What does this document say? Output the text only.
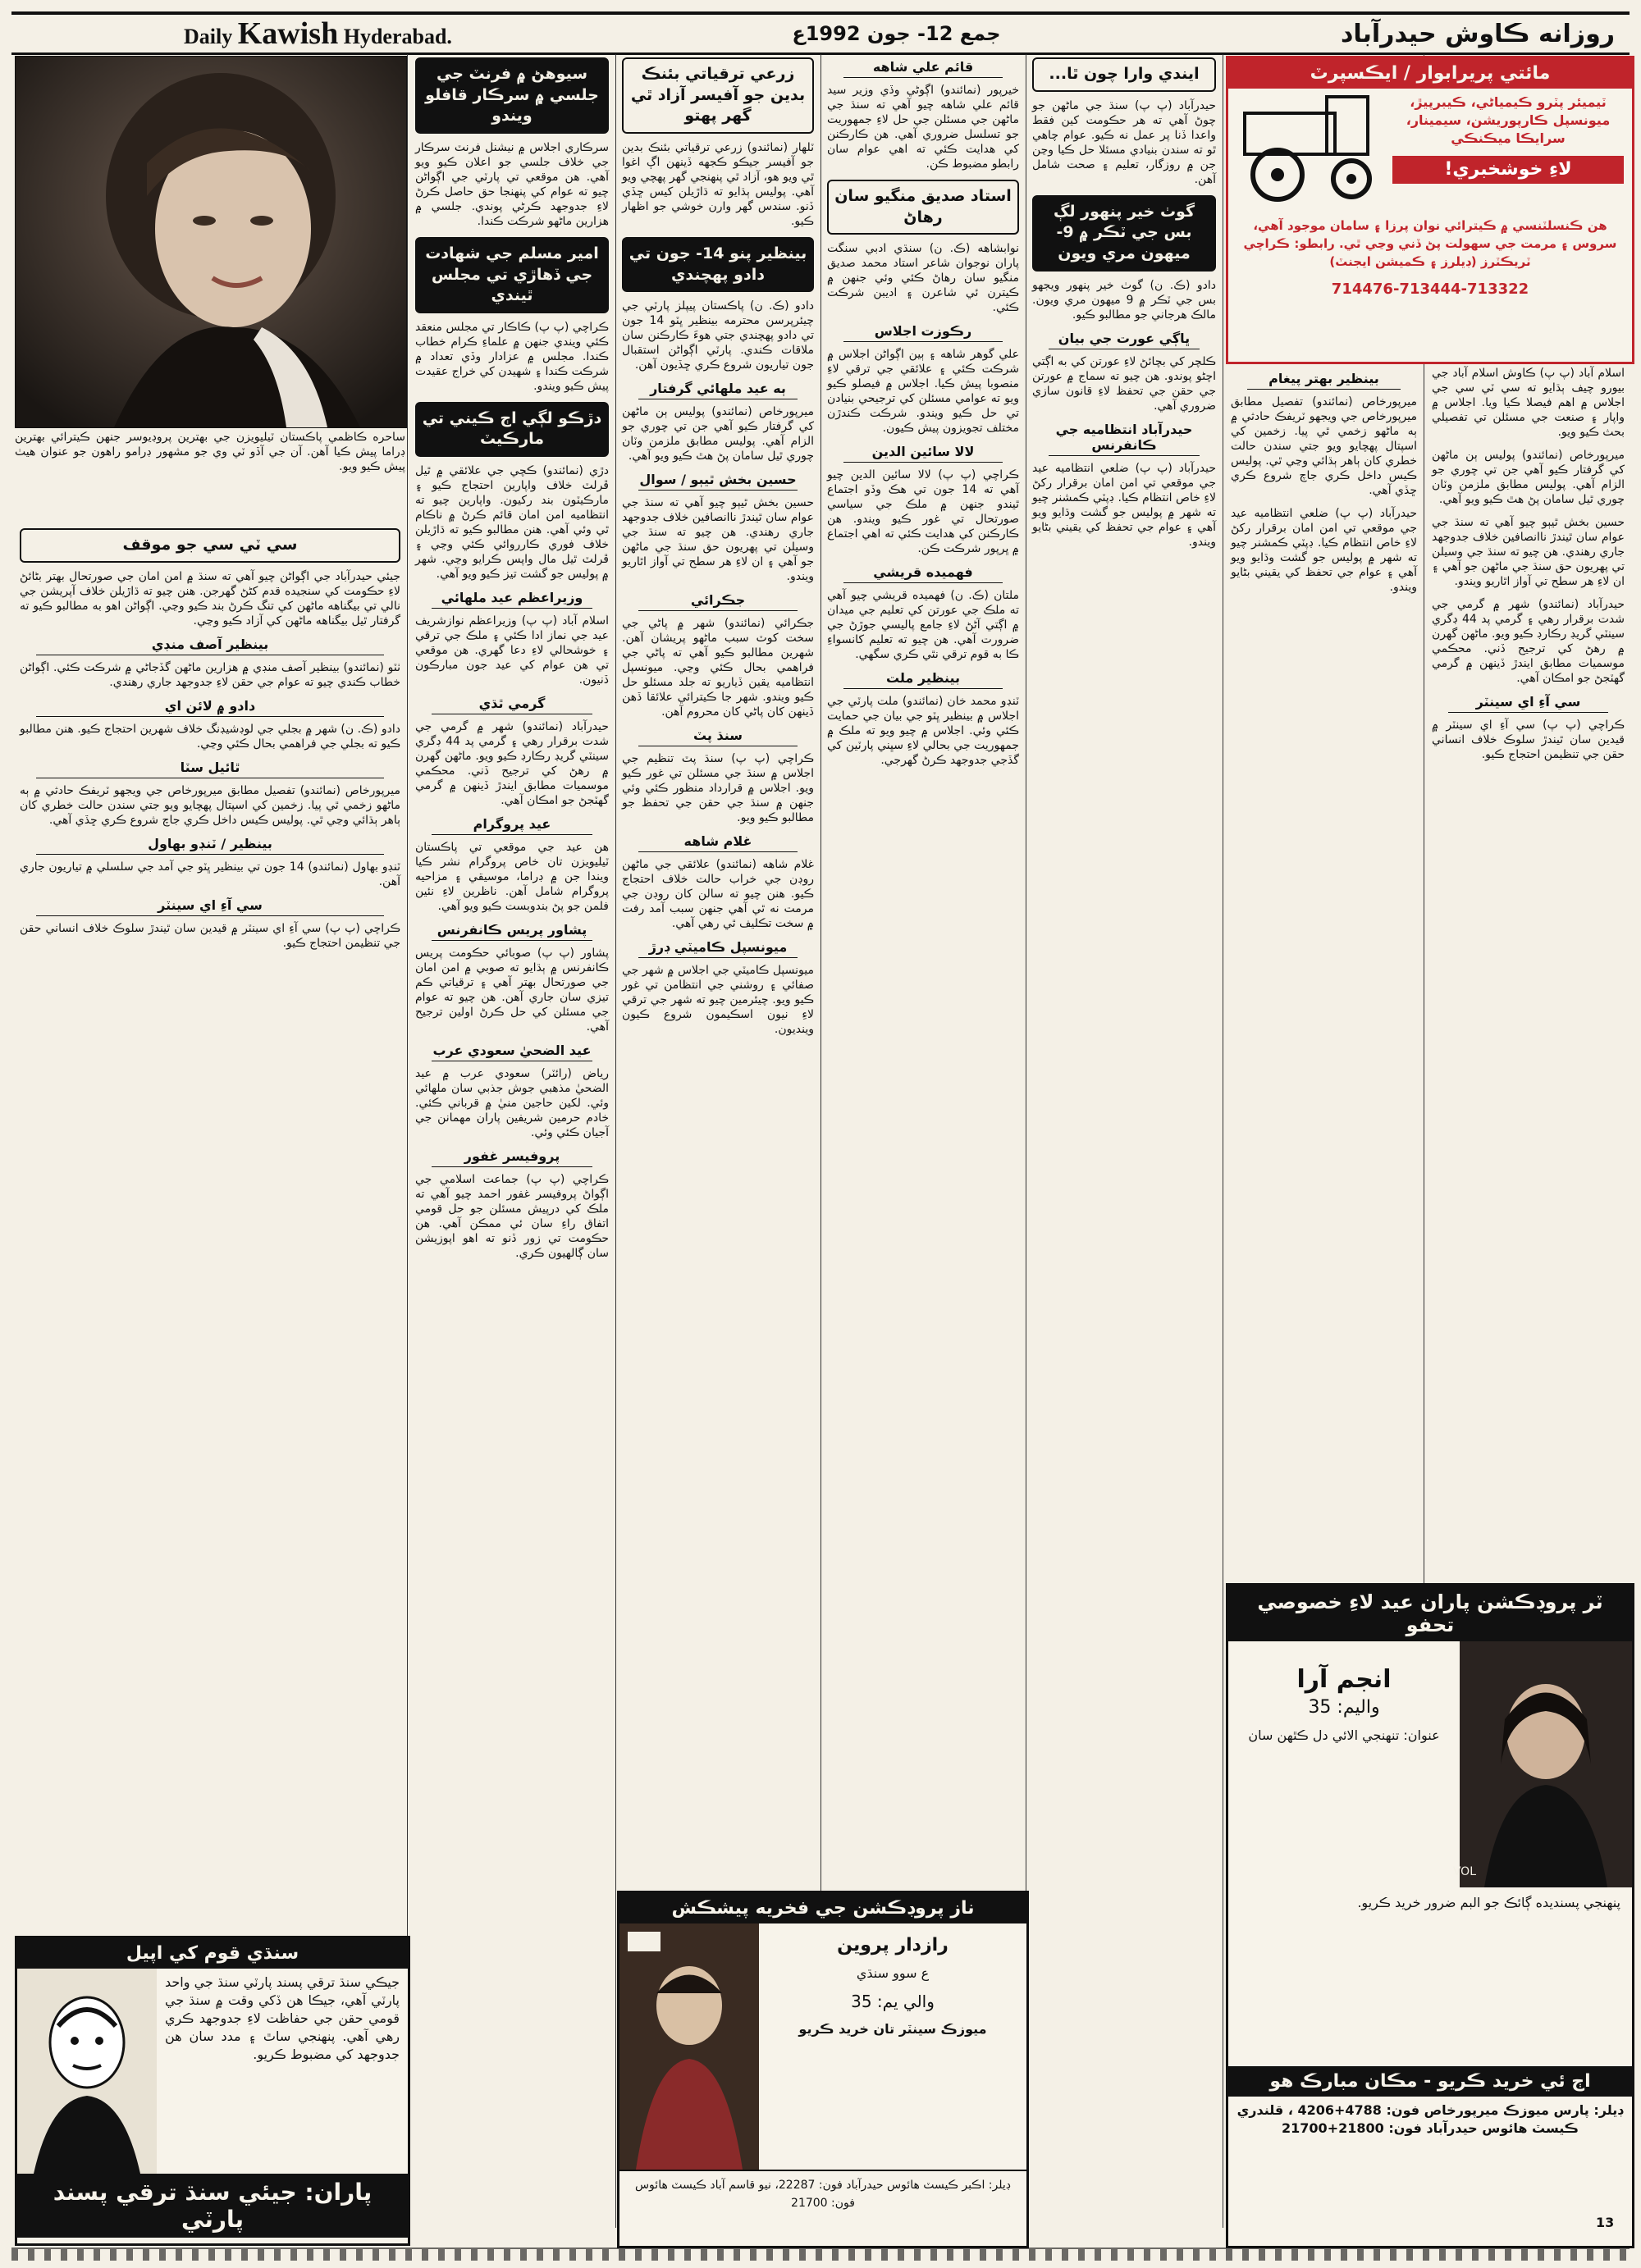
Daily Kawish Hyderabad.	جمع 12- جون 1992ع	روزانه ڪاوش حيدرآباد
ساحره ڪاظمي پاڪستان ٽيليويزن جي بهترين پروڊيوسر جنهن ڪيترائي بهترين ڊراما پيش ڪيا آهن. آن جي آڏو ٽي وي جو مشهور ڊرامو راهون جو عنوان هيٺ پيش ڪيو ويو.
سي ٽي سي جو موقف

جيئي حيدرآباد جي اڳواڻن چيو آهي ته سنڌ ۾ امن امان جي صورتحال بهتر بڻائڻ لاءِ حڪومت کي سنجيده قدم کڻڻ گهرجن. هنن چيو ته ڌاڙيلن خلاف آپريشن جي نالي تي بيگناهه ماڻهن کي تنگ ڪرڻ بند ڪيو وڃي. اڳواڻن اهو به مطالبو ڪيو ته گرفتار ٿيل بيگناهه ماڻهن کي آزاد ڪيو وڃي.

بينظير آصف منڊي

ٺٽو (نمائندو) بينظير آصف منڊي ۾ هزارين ماڻهن گڏجاڻي ۾ شرڪت ڪئي. اڳواڻن خطاب ڪندي چيو ته عوام جي حقن لاءِ جدوجهد جاري رهندي.

دادو ۾ لائن اي

دادو (ڪ. ن) شهر ۾ بجلي جي لوڊشيڊنگ خلاف شهرين احتجاج ڪيو. هنن مطالبو ڪيو ته بجلي جي فراهمي بحال ڪئي وڃي.

ٿائيل سٽا

ميرپورخاص (نمائندو) تفصيل مطابق ميرپورخاص جي ويجهو ٽريفڪ حادثي ۾ ٻه ماڻهو زخمي ٿي پيا. زخمين کي اسپتال پهچايو ويو جتي سندن حالت خطري کان ٻاهر ٻڌائي وڃي ٿي. پوليس ڪيس داخل ڪري جاچ شروع ڪري ڇڏي آهي.

بينظير / ٽنڊو بهاول

ٽنڊو بهاول (نمائندو) 14 جون تي بينظير ڀٽو جي آمد جي سلسلي ۾ تياريون جاري آهن.

سي آءِ اي سينٽر

ڪراچي (پ پ) سي آءِ اي سينٽر ۾ قيدين سان ٿيندڙ سلوڪ خلاف انساني حقن جي تنظيمن احتجاج ڪيو.

سنڌي قوم کي اپيل
جيڪي سنڌ ترقي پسند پارٽي سنڌ جي واحد پارٽي آهي، جيڪا هن ڏکي وقت ۾ سنڌ جي قومي حقن جي حفاظت لاءِ جدوجهد ڪري رهي آهي. پنهنجي ساٿ ۽ مدد سان هن جدوجهد کي مضبوط ڪريو.
پاران: جيئي سنڌ ترقي پسند پارٽي
سيوهڻ ۾ فرنٽ جي جلسي ۾ سرڪار قافلو ويندو

سرڪاري اجلاس ۾ نيشنل فرنٽ سرڪار جي خلاف جلسي جو اعلان ڪيو ويو آهي. هن موقعي تي پارٽي جي اڳواڻن چيو ته عوام کي پنهنجا حق حاصل ڪرڻ لاءِ جدوجهد ڪرڻي پوندي. جلسي ۾ هزارين ماڻهو شرڪت ڪندا.

امير مسلم جي شهادت جي ڏهاڙي تي مجلس ٿيندي

ڪراچي (پ پ) ڪاڪار تي مجلس منعقد ڪئي ويندي جنهن ۾ علماءِ ڪرام خطاب ڪندا. مجلس ۾ عزادار وڏي تعداد ۾ شرڪت ڪندا ۽ شهيدن کي خراج عقيدت پيش ڪيو ويندو.

دڙڪو لڳي اڄ ڪيني تي مارڪيٽ

دڙي (نمائندو) ڪچي جي علائقي ۾ ٿيل ڦرلٽ خلاف واپارين احتجاج ڪيو ۽ مارڪيٽون بند رکيون. واپارين چيو ته انتظاميه امن امان قائم ڪرڻ ۾ ناڪام ٿي وئي آهي. هنن مطالبو ڪيو ته ڌاڙيلن خلاف فوري ڪارروائي ڪئي وڃي ۽ ڦرلٽ ٿيل مال واپس ڪرايو وڃي. شهر ۾ پوليس جو گشت تيز ڪيو ويو آهي.

وزيراعظم عيد ملهائي

اسلام آباد (پ پ) وزيراعظم نوازشريف عيد جي نماز ادا ڪئي ۽ ملڪ جي ترقي ۽ خوشحالي لاءِ دعا گهري. هن موقعي تي هن عوام کي عيد جون مبارڪون ڏنيون.

گرمي ٿڌي

حيدرآباد (نمائندو) شهر ۾ گرمي جي شدت برقرار رهي ۽ گرمي پد 44 ڊگري سينٽي گريڊ رڪارڊ ڪيو ويو. ماڻهن گهرن ۾ رهڻ کي ترجيح ڏني. محڪمي موسميات مطابق ايندڙ ڏينهن ۾ گرمي گهٽجڻ جو امڪان آهي.

عيد پروگرام

هن عيد جي موقعي تي پاڪستان ٽيليويزن تان خاص پروگرام نشر ڪيا ويندا جن ۾ ڊراما، موسيقي ۽ مزاحيه پروگرام شامل آهن. ناظرين لاءِ نئين فلمن جو پڻ بندوبست ڪيو ويو آهي.

پشاور پريس ڪانفرنس

پشاور (پ پ) صوبائي حڪومت پريس ڪانفرنس ۾ ٻڌايو ته صوبي ۾ امن امان جي صورتحال بهتر آهي ۽ ترقياتي ڪم تيزي سان جاري آهن. هن چيو ته عوام جي مسئلن کي حل ڪرڻ اولين ترجيح آهي.

عيد الضحيٰ سعودي عرب

رياض (رائٽر) سعودي عرب ۾ عيد الضحيٰ مذهبي جوش جذبي سان ملهائي وئي. لکين حاجين منيٰ ۾ قرباني ڪئي. خادم حرمين شريفين پاران مهمانن جي آجيان ڪئي وئي.

پروفيسر غفور

ڪراچي (پ پ) جماعت اسلامي جي اڳواڻ پروفيسر غفور احمد چيو آهي ته ملڪ کي درپيش مسئلن جو حل قومي اتفاق راءِ سان ئي ممڪن آهي. هن حڪومت تي زور ڏنو ته اهو اپوزيشن سان ڳالهيون ڪري.

زرعي ترقياتي بئنڪ بدين جو آفيسر آزاد ٿي گهر پهتو

ٽلهار (نمائندو) زرعي ترقياتي بئنڪ بدين جو آفيسر جيڪو ڪجهه ڏينهن اڳ اغوا ٿي ويو هو، آزاد ٿي پنهنجي گهر پهچي ويو آهي. پوليس ٻڌايو ته ڌاڙيلن کيس ڇڏي ڏنو. سندس گهر وارن خوشي جو اظهار ڪيو.

بينظير پنو 14- جون تي دادو پهچندي

دادو (ڪ. ن) پاڪستان پيپلز پارٽي جي چيئرپرسن محترمه بينظير ڀٽو 14 جون تي دادو پهچندي جتي هوءَ ڪارڪنن سان ملاقات ڪندي. پارٽي اڳواڻن استقبال جون تياريون شروع ڪري ڇڏيون آهن.

ٻه عيد ملهائي گرفتار

ميرپورخاص (نمائندو) پوليس ٻن ماڻهن کي گرفتار ڪيو آهي جن تي چوري جو الزام آهي. پوليس مطابق ملزمن وٽان چوري ٿيل سامان پڻ هٿ ڪيو ويو آهي.

حسين بخش ٿيٻو / سوال

حسين بخش ٿيٻو چيو آهي ته سنڌ جي عوام سان ٿيندڙ ناانصافين خلاف جدوجهد جاري رهندي. هن چيو ته سنڌ جي وسيلن تي پهريون حق سنڌ جي ماڻهن جو آهي ۽ ان لاءِ هر سطح تي آواز اٿاريو ويندو.

جڪرائي

جڪرائي (نمائندو) شهر ۾ پاڻي جي سخت کوٽ سبب ماڻهو پريشان آهن. شهرين مطالبو ڪيو آهي ته پاڻي جي فراهمي بحال ڪئي وڃي. ميونسپل انتظاميه يقين ڏياريو ته جلد مسئلو حل ڪيو ويندو. شهر جا ڪيترائي علائقا ڏهن ڏينهن کان پاڻي کان محروم آهن.

سنڌ پٽ

ڪراچي (پ پ) سنڌ پٽ تنظيم جي اجلاس ۾ سنڌ جي مسئلن تي غور ڪيو ويو. اجلاس ۾ قرارداد منظور ڪئي وئي جنهن ۾ سنڌ جي حقن جي تحفظ جو مطالبو ڪيو ويو.

غلام شاهه

غلام شاهه (نمائندو) علائقي جي ماڻهن روڊن جي خراب حالت خلاف احتجاج ڪيو. هنن چيو ته سالن کان روڊن جي مرمت نه ٿي آهي جنهن سبب آمد رفت ۾ سخت تڪليف ٿي رهي آهي.

ميونسپل ڪاميٽي ڊرڙ

ميونسپل ڪاميٽي جي اجلاس ۾ شهر جي صفائي ۽ روشني جي انتظامن تي غور ڪيو ويو. چيئرمين چيو ته شهر جي ترقي لاءِ نيون اسڪيمون شروع ڪيون وينديون.

قائم علي شاهه

خيرپور (نمائندو) اڳوڻي وڏي وزير سيد قائم علي شاهه چيو آهي ته سنڌ جي ماڻهن جي مسئلن جي حل لاءِ جمهوريت جو تسلسل ضروري آهي. هن ڪارڪنن کي هدايت ڪئي ته اهي عوام سان رابطو مضبوط ڪن.

استاد صديق منگيو سان رهاڻ

نوابشاهه (ڪ. ن) سنڌي ادبي سنگت پاران نوجوان شاعر استاد محمد صديق منگيو سان رهاڻ ڪئي وئي جنهن ۾ ڪيترن ئي شاعرن ۽ اديبن شرڪت ڪئي.

رڪوزت اجلاس

علي گوهر شاهه ۽ ٻين اڳواڻن اجلاس ۾ شرڪت ڪئي ۽ علائقي جي ترقي لاءِ منصوبا پيش ڪيا. اجلاس ۾ فيصلو ڪيو ويو ته عوامي مسئلن کي ترجيحي بنيادن تي حل ڪيو ويندو. شرڪت ڪندڙن مختلف تجويزون پيش ڪيون.

لالا سائين الدين

ڪراچي (پ پ) لالا سائين الدين چيو آهي ته 14 جون تي هڪ وڏو اجتماع ٿيندو جنهن ۾ ملڪ جي سياسي صورتحال تي غور ڪيو ويندو. هن ڪارڪنن کي هدايت ڪئي ته اهي اجتماع ۾ ڀرپور شرڪت ڪن.

فهميده قريشي

ملتان (ڪ. ن) فهميده قريشي چيو آهي ته ملڪ جي عورتن کي تعليم جي ميدان ۾ اڳتي آڻڻ لاءِ جامع پاليسي جوڙڻ جي ضرورت آهي. هن چيو ته تعليم کانسواءِ ڪا به قوم ترقي نٿي ڪري سگهي.

بينظير ملت

ٽنڊو محمد خان (نمائندو) ملت پارٽي جي اجلاس ۾ بينظير ڀٽو جي بيان جي حمايت ڪئي وئي. اجلاس ۾ چيو ويو ته ملڪ ۾ جمهوريت جي بحالي لاءِ سڀني پارٽين کي گڏجي جدوجهد ڪرڻ گهرجي.

ناز پروڊڪشن جي فخريه پيشڪش
رازدار پروين
ع سوو سنڌي
والي يم: 35
ميوزڪ سينٽر تان خريد ڪريو
ڊيلر: اڪبر ڪيسٽ هائوس حيدرآباد فون: 22287، نيو قاسم آباد ڪيسٽ هائوس فون: 21700
ايندي وارا چون ٿا...

حيدرآباد (پ پ) سنڌ جي ماڻهن جو چوڻ آهي ته هر حڪومت کين فقط واعدا ڏنا پر عمل نه ڪيو. عوام چاهي ٿو ته سندن بنيادي مسئلا حل ڪيا وڃن جن ۾ روزگار، تعليم ۽ صحت شامل آهن.

گوٺ خير پنهور لڳ بس جي ٽڪر ۾ 9- ميهون مري ويون

دادو (ڪ. ن) گوٺ خير پنهور ويجهو بس جي ٽڪر ۾ 9 ميهون مري ويون. مالڪ هرجاني جو مطالبو ڪيو.

ڀاڳي عورت جي بيان

ڪلچر کي بچائڻ لاءِ عورتن کي به اڳتي اچڻو پوندو. هن چيو ته سماج ۾ عورتن جي حقن جي تحفظ لاءِ قانون سازي ضروري آهي.

حيدرآباد انتظاميه جي ڪانفرنس

حيدرآباد (پ پ) ضلعي انتظاميه عيد جي موقعي تي امن امان برقرار رکڻ لاءِ خاص انتظام ڪيا. ڊپٽي ڪمشنر چيو ته شهر ۾ پوليس جو گشت وڌايو ويو آهي ۽ عوام جي تحفظ کي يقيني بڻايو ويندو.

مائتي پريرابوار / ايڪسپرٽ
ٽيميئر پٽرو ڪيمياڻي، ڪيبرپيڙ، ميونسپل ڪارپوريشن، سيمينار، سرايڪا ميڪنڪي
لاءِ خوشخبري!
هن ڪنسلٽنسي ۾ ڪيترائي نوان پرزا ۽ سامان موجود آهي، سروس ۽ مرمت جي سهولت پڻ ڏني وڃي ٿي. رابطو: ڪراچي ٽريڪٽرز (ڊيلرز ۽ ڪميشن ايجنٽ)
714476-713444-713322
بينظير بهتر پيغام

ميرپورخاص (نمائندو) تفصيل مطابق ميرپورخاص جي ويجهو ٽريفڪ حادثي ۾ ٻه ماڻهو زخمي ٿي پيا. زخمين کي اسپتال پهچايو ويو جتي سندن حالت خطري کان ٻاهر ٻڌائي وڃي ٿي. پوليس ڪيس داخل ڪري جاچ شروع ڪري ڇڏي آهي.

حيدرآباد (پ پ) ضلعي انتظاميه عيد جي موقعي تي امن امان برقرار رکڻ لاءِ خاص انتظام ڪيا. ڊپٽي ڪمشنر چيو ته شهر ۾ پوليس جو گشت وڌايو ويو آهي ۽ عوام جي تحفظ کي يقيني بڻايو ويندو.

اسلام آباد (پ پ) ڪاوش اسلام آباد جي بيورو چيف ٻڌايو ته سي ٽي سي جي اجلاس ۾ اهم فيصلا ڪيا ويا. اجلاس ۾ واپار ۽ صنعت جي مسئلن تي تفصيلي بحث ڪيو ويو.

ميرپورخاص (نمائندو) پوليس ٻن ماڻهن کي گرفتار ڪيو آهي جن تي چوري جو الزام آهي. پوليس مطابق ملزمن وٽان چوري ٿيل سامان پڻ هٿ ڪيو ويو آهي.

حسين بخش ٿيٻو چيو آهي ته سنڌ جي عوام سان ٿيندڙ ناانصافين خلاف جدوجهد جاري رهندي. هن چيو ته سنڌ جي وسيلن تي پهريون حق سنڌ جي ماڻهن جو آهي ۽ ان لاءِ هر سطح تي آواز اٿاريو ويندو.

حيدرآباد (نمائندو) شهر ۾ گرمي جي شدت برقرار رهي ۽ گرمي پد 44 ڊگري سينٽي گريڊ رڪارڊ ڪيو ويو. ماڻهن گهرن ۾ رهڻ کي ترجيح ڏني. محڪمي موسميات مطابق ايندڙ ڏينهن ۾ گرمي گهٽجڻ جو امڪان آهي.

سي آءِ اي سينٽر

ڪراچي (پ پ) سي آءِ اي سينٽر ۾ قيدين سان ٿيندڙ سلوڪ خلاف انساني حقن جي تنظيمن احتجاج ڪيو.

ٽر پروڊڪشن پاران عيد لاءِ خصوصي تحفو
VOL
انجم آرا
واليم: 35
عنوان: تنهنجي الائي دل ڪٿهن سان
پنهنجي پسنديده ڳائڪ جو البم ضرور خريد ڪريو.
اڄ ئي خريد ڪريو - مڪان مبارڪ هو
ڊيلر: پارس ميوزڪ ميرپورخاص فون: 4788+4206 ، قلندري ڪيسٽ هائوس حيدرآباد فون: 21800+21700
13
